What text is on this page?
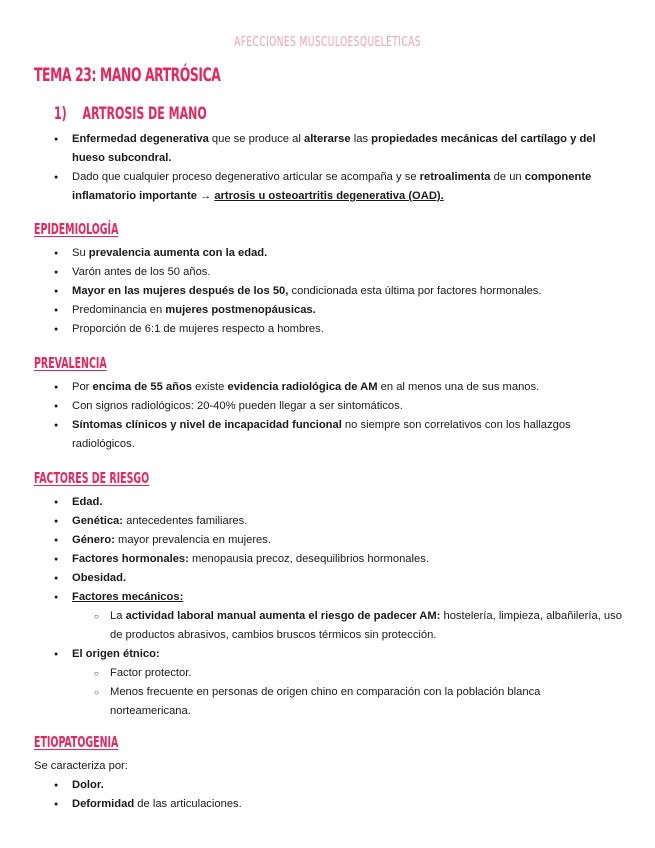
AFECCIONES MUSCULOESQUELÉTICAS
TEMA 23: MANO ARTRÓSICA
1) ARTROSIS DE MANO
● Enfermedad degenerativa que se produce al alterarse las propiedades mecánicas del cartílago y del hueso subcondral.
● Dado que cualquier proceso degenerativo articular se acompaña y se retroalimenta de un componente inflamatorio importante → artrosis u osteoartritis degenerativa (OAD).
EPIDEMIOLOGÍA
● Su prevalencia aumenta con la edad.
● Varón antes de los 50 años.
● Mayor en las mujeres después de los 50, condicionada esta última por factores hormonales.
● Predominancia en mujeres postmenopáusicas.
● Proporción de 6:1 de mujeres respecto a hombres.
PREVALENCIA
● Por encima de 55 años existe evidencia radiológica de AM en al menos una de sus manos.
● Con signos radiológicos: 20-40% pueden llegar a ser sintomáticos.
● Síntomas clínicos y nivel de incapacidad funcional no siempre son correlativos con los hallazgos radiológicos.
FACTORES DE RIESGO
● Edad.
● Genética: antecedentes familiares.
● Género: mayor prevalencia en mujeres.
● Factores hormonales: menopausia precoz, desequilibrios hormonales.
● Obesidad.
● Factores mecánicos:
○ La actividad laboral manual aumenta el riesgo de padecer AM: hostelería, limpieza, albañilería, uso de productos abrasivos, cambios bruscos térmicos sin protección.
● El origen étnico:
○ Factor protector.
○ Menos frecuente en personas de origen chino en comparación con la población blanca norteamericana.
ETIOPATOGENIA
Se caracteriza por:
● Dolor.
● Deformidad de las articulaciones.
